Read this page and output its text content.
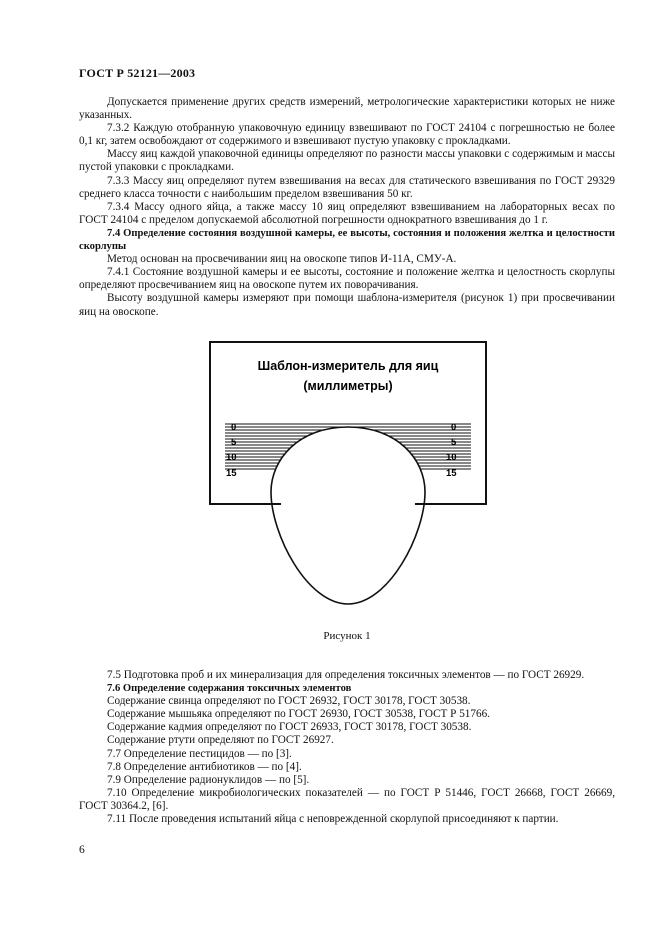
ГОСТ Р 52121—2003

Допускается применение других средств измерений, метрологические характеристики которых не ниже указанных.

7.3.2 Каждую отобранную упаковочную единицу взвешивают по ГОСТ 24104 с погрешностью не более 0,1 кг, затем освобождают от содержимого и взвешивают пустую упаковку с прокладками.

Массу яиц каждой упаковочной единицы определяют по разности массы упаковки с содержимым и массы пустой упаковки с прокладками.

7.3.3 Массу яиц определяют путем взвешивания на весах для статического взвешивания по ГОСТ 29329 среднего класса точности с наибольшим пределом взвешивания 50 кг.

7.3.4 Массу одного яйца, а также массу 10 яиц определяют взвешиванием на лабораторных весах по ГОСТ 24104 с пределом допускаемой абсолютной погрешности однократного взвешивания до 1 г.

7.4 Определение состояния воздушной камеры, ее высоты, состояния и положения желтка и целостности скорлупы

Метод основан на просвечивании яиц на овоскопе типов И-11А, СМУ-А.

7.4.1 Состояние воздушной камеры и ее высоты, состояние и положение желтка и целостность скорлупы определяют просвечиванием яиц на овоскопе путем их поворачивания.

Высоту воздушной камеры измеряют при помощи шаблона-измерителя (рисунок 1) при просвечивании яиц на овоскопе.

Шаблон-измеритель для яиц
(миллиметры)
0
5
10
15
0
5
10
15
Рисунок 1

7.5 Подготовка проб и их минерализация для определения токсичных элементов — по ГОСТ 26929.

7.6 Определение содержания токсичных элементов

Содержание свинца определяют по ГОСТ 26932, ГОСТ 30178, ГОСТ 30538.

Содержание мышьяка определяют по ГОСТ 26930, ГОСТ 30538, ГОСТ Р 51766.

Содержание кадмия определяют по ГОСТ 26933, ГОСТ 30178, ГОСТ 30538.

Содержание ртути определяют по ГОСТ 26927.

7.7 Определение пестицидов — по [3].

7.8 Определение антибиотиков — по [4].

7.9 Определение радионуклидов — по [5].

7.10 Определение микробиологических показателей — по ГОСТ Р 51446, ГОСТ 26668, ГОСТ 26669, ГОСТ 30364.2, [6].

7.11 После проведения испытаний яйца с неповрежденной скорлупой присоединяют к партии.

6
